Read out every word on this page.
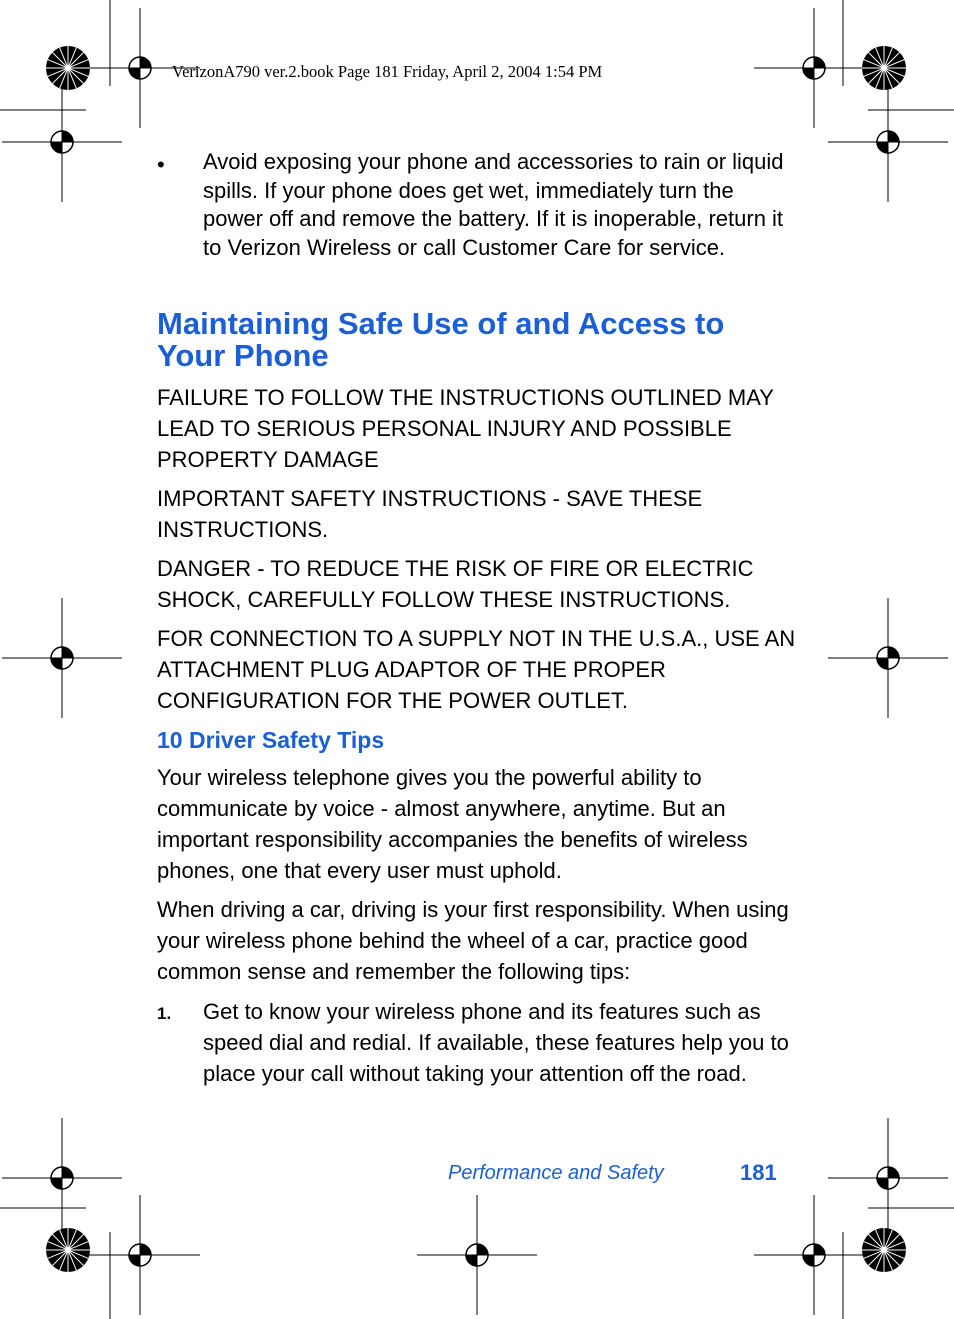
VerizonA790 ver.2.book Page 181 Friday, April 2, 2004 1:54 PM
• Avoid exposing your phone and accessories to rain or liquid spills. If your phone does get wet, immediately turn the power off and remove the battery. If it is inoperable, return it to Verizon Wireless or call Customer Care for service.
Maintaining Safe Use of and Access to
Your Phone

FAILURE TO FOLLOW THE INSTRUCTIONS OUTLINED MAY LEAD TO SERIOUS PERSONAL INJURY AND POSSIBLE PROPERTY DAMAGE

IMPORTANT SAFETY INSTRUCTIONS - SAVE THESE INSTRUCTIONS.

DANGER - TO REDUCE THE RISK OF FIRE OR ELECTRIC SHOCK, CAREFULLY FOLLOW THESE INSTRUCTIONS.

FOR CONNECTION TO A SUPPLY NOT IN THE U.S.A., USE AN ATTACHMENT PLUG ADAPTOR OF THE PROPER CONFIGURATION FOR THE POWER OUTLET.

10 Driver Safety Tips

Your wireless telephone gives you the powerful ability to communicate by voice - almost anywhere, anytime. But an important responsibility accompanies the benefits of wireless phones, one that every user must uphold.

When driving a car, driving is your first responsibility. When using your wireless phone behind the wheel of a car, practice good common sense and remember the following tips:

1. Get to know your wireless phone and its features such as speed dial and redial. If available, these features help you to place your call without taking your attention off the road.
Performance and Safety	181
